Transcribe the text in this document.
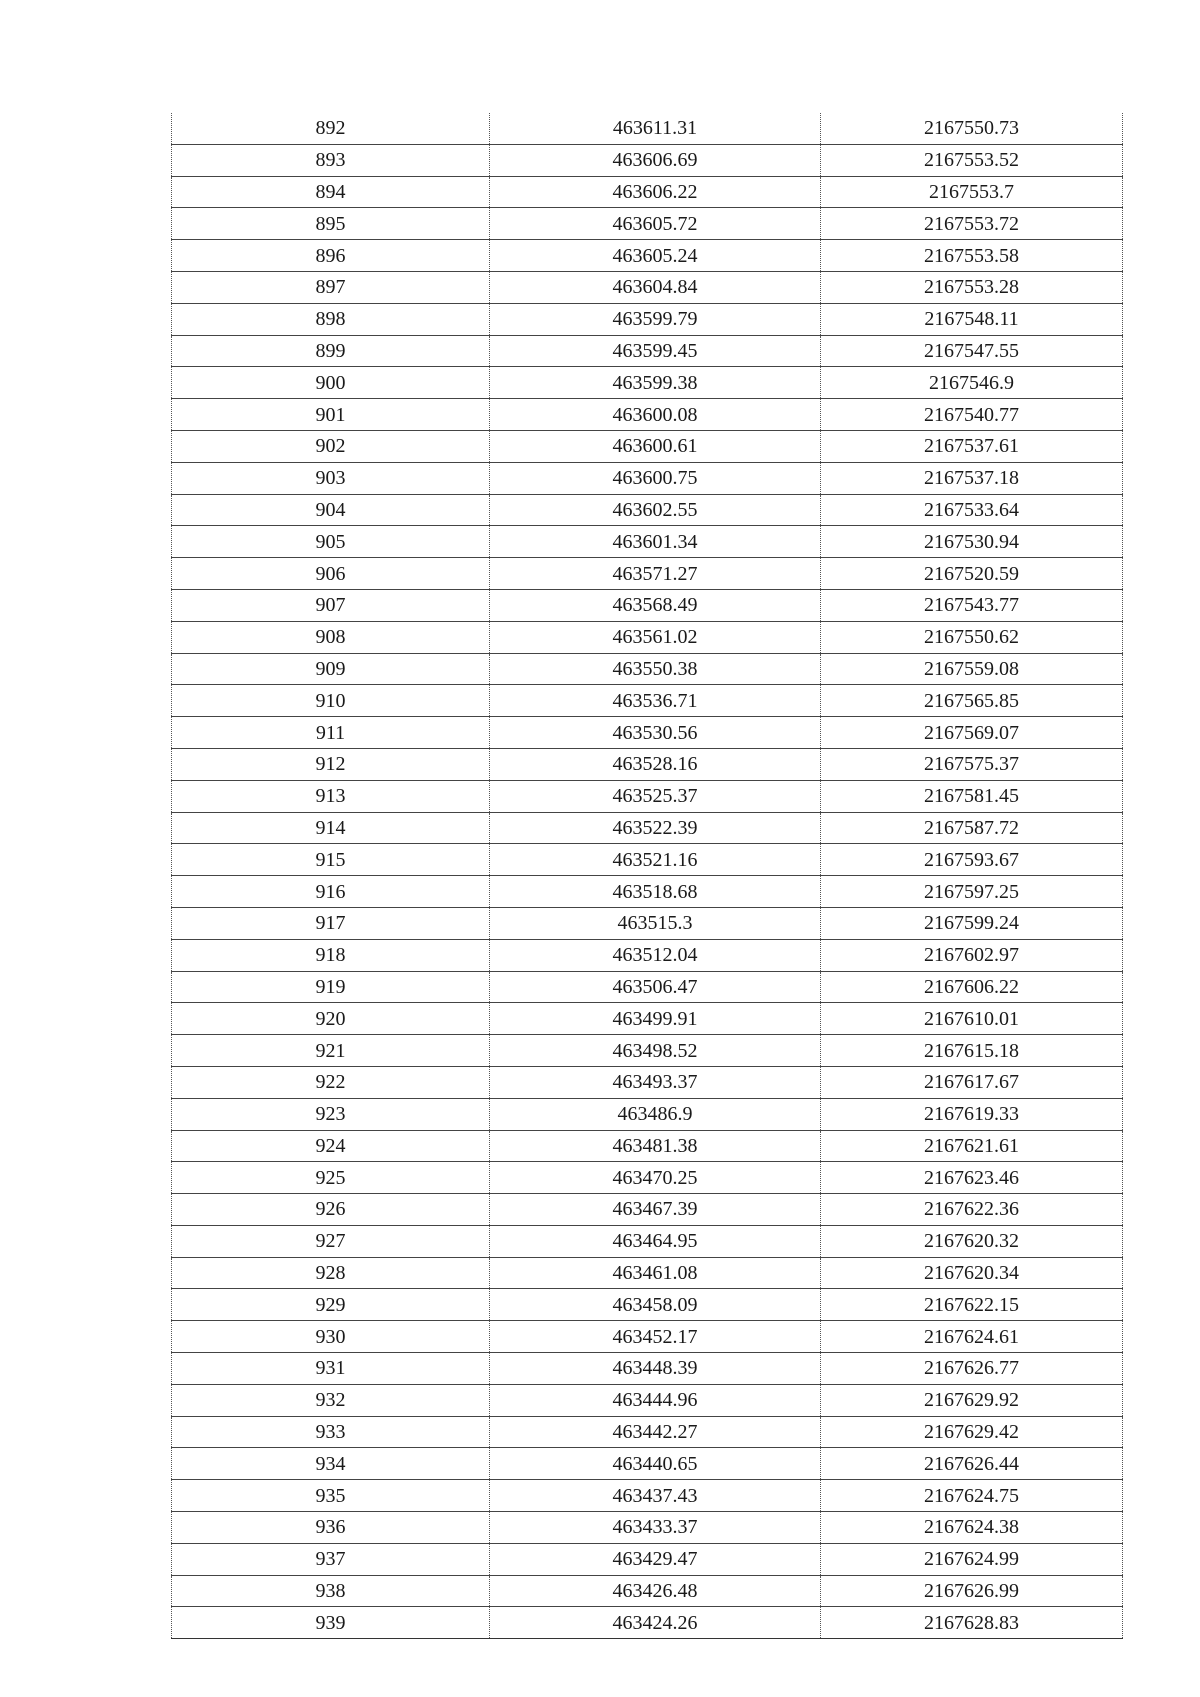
892	463611.31	2167550.73
893	463606.69	2167553.52
894	463606.22	2167553.7
895	463605.72	2167553.72
896	463605.24	2167553.58
897	463604.84	2167553.28
898	463599.79	2167548.11
899	463599.45	2167547.55
900	463599.38	2167546.9
901	463600.08	2167540.77
902	463600.61	2167537.61
903	463600.75	2167537.18
904	463602.55	2167533.64
905	463601.34	2167530.94
906	463571.27	2167520.59
907	463568.49	2167543.77
908	463561.02	2167550.62
909	463550.38	2167559.08
910	463536.71	2167565.85
911	463530.56	2167569.07
912	463528.16	2167575.37
913	463525.37	2167581.45
914	463522.39	2167587.72
915	463521.16	2167593.67
916	463518.68	2167597.25
917	463515.3	2167599.24
918	463512.04	2167602.97
919	463506.47	2167606.22
920	463499.91	2167610.01
921	463498.52	2167615.18
922	463493.37	2167617.67
923	463486.9	2167619.33
924	463481.38	2167621.61
925	463470.25	2167623.46
926	463467.39	2167622.36
927	463464.95	2167620.32
928	463461.08	2167620.34
929	463458.09	2167622.15
930	463452.17	2167624.61
931	463448.39	2167626.77
932	463444.96	2167629.92
933	463442.27	2167629.42
934	463440.65	2167626.44
935	463437.43	2167624.75
936	463433.37	2167624.38
937	463429.47	2167624.99
938	463426.48	2167626.99
939	463424.26	2167628.83
